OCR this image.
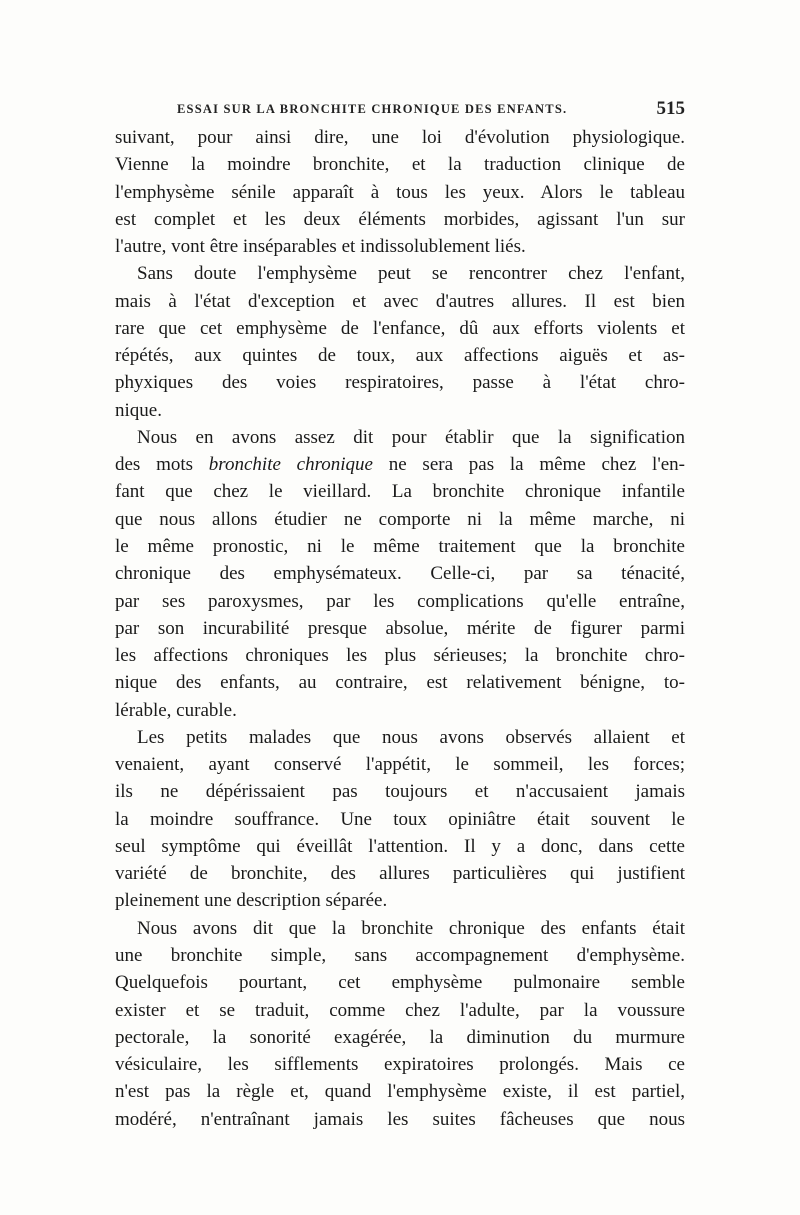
ESSAI SUR LA BRONCHITE CHRONIQUE DES ENFANTS.	515
suivant, pour ainsi dire, une loi d'évolution physiologique.
Vienne la moindre bronchite, et la traduction clinique de
l'emphysème sénile apparaît à tous les yeux. Alors le tableau
est complet et les deux éléments morbides, agissant l'un sur
l'autre, vont être inséparables et indissolublement liés.
Sans doute l'emphysème peut se rencontrer chez l'enfant,
mais à l'état d'exception et avec d'autres allures. Il est bien
rare que cet emphysème de l'enfance, dû aux efforts violents et
répétés, aux quintes de toux, aux affections aiguës et as-
phyxiques des voies respiratoires, passe à l'état chro-
nique.
Nous en avons assez dit pour établir que la signification
des mots bronchite chronique ne sera pas la même chez l'en-
fant que chez le vieillard. La bronchite chronique infantile
que nous allons étudier ne comporte ni la même marche, ni
le même pronostic, ni le même traitement que la bronchite
chronique des emphysémateux. Celle-ci, par sa ténacité,
par ses paroxysmes, par les complications qu'elle entraîne,
par son incurabilité presque absolue, mérite de figurer parmi
les affections chroniques les plus sérieuses; la bronchite chro-
nique des enfants, au contraire, est relativement bénigne, to-
lérable, curable.
Les petits malades que nous avons observés allaient et
venaient, ayant conservé l'appétit, le sommeil, les forces;
ils ne dépérissaient pas toujours et n'accusaient jamais
la moindre souffrance. Une toux opiniâtre était souvent le
seul symptôme qui éveillât l'attention. Il y a donc, dans cette
variété de bronchite, des allures particulières qui justifient
pleinement une description séparée.
Nous avons dit que la bronchite chronique des enfants était
une bronchite simple, sans accompagnement d'emphysème.
Quelquefois pourtant, cet emphysème pulmonaire semble
exister et se traduit, comme chez l'adulte, par la voussure
pectorale, la sonorité exagérée, la diminution du murmure
vésiculaire, les sifflements expiratoires prolongés. Mais ce
n'est pas la règle et, quand l'emphysème existe, il est partiel,
modéré, n'entraînant jamais les suites fâcheuses que nous
